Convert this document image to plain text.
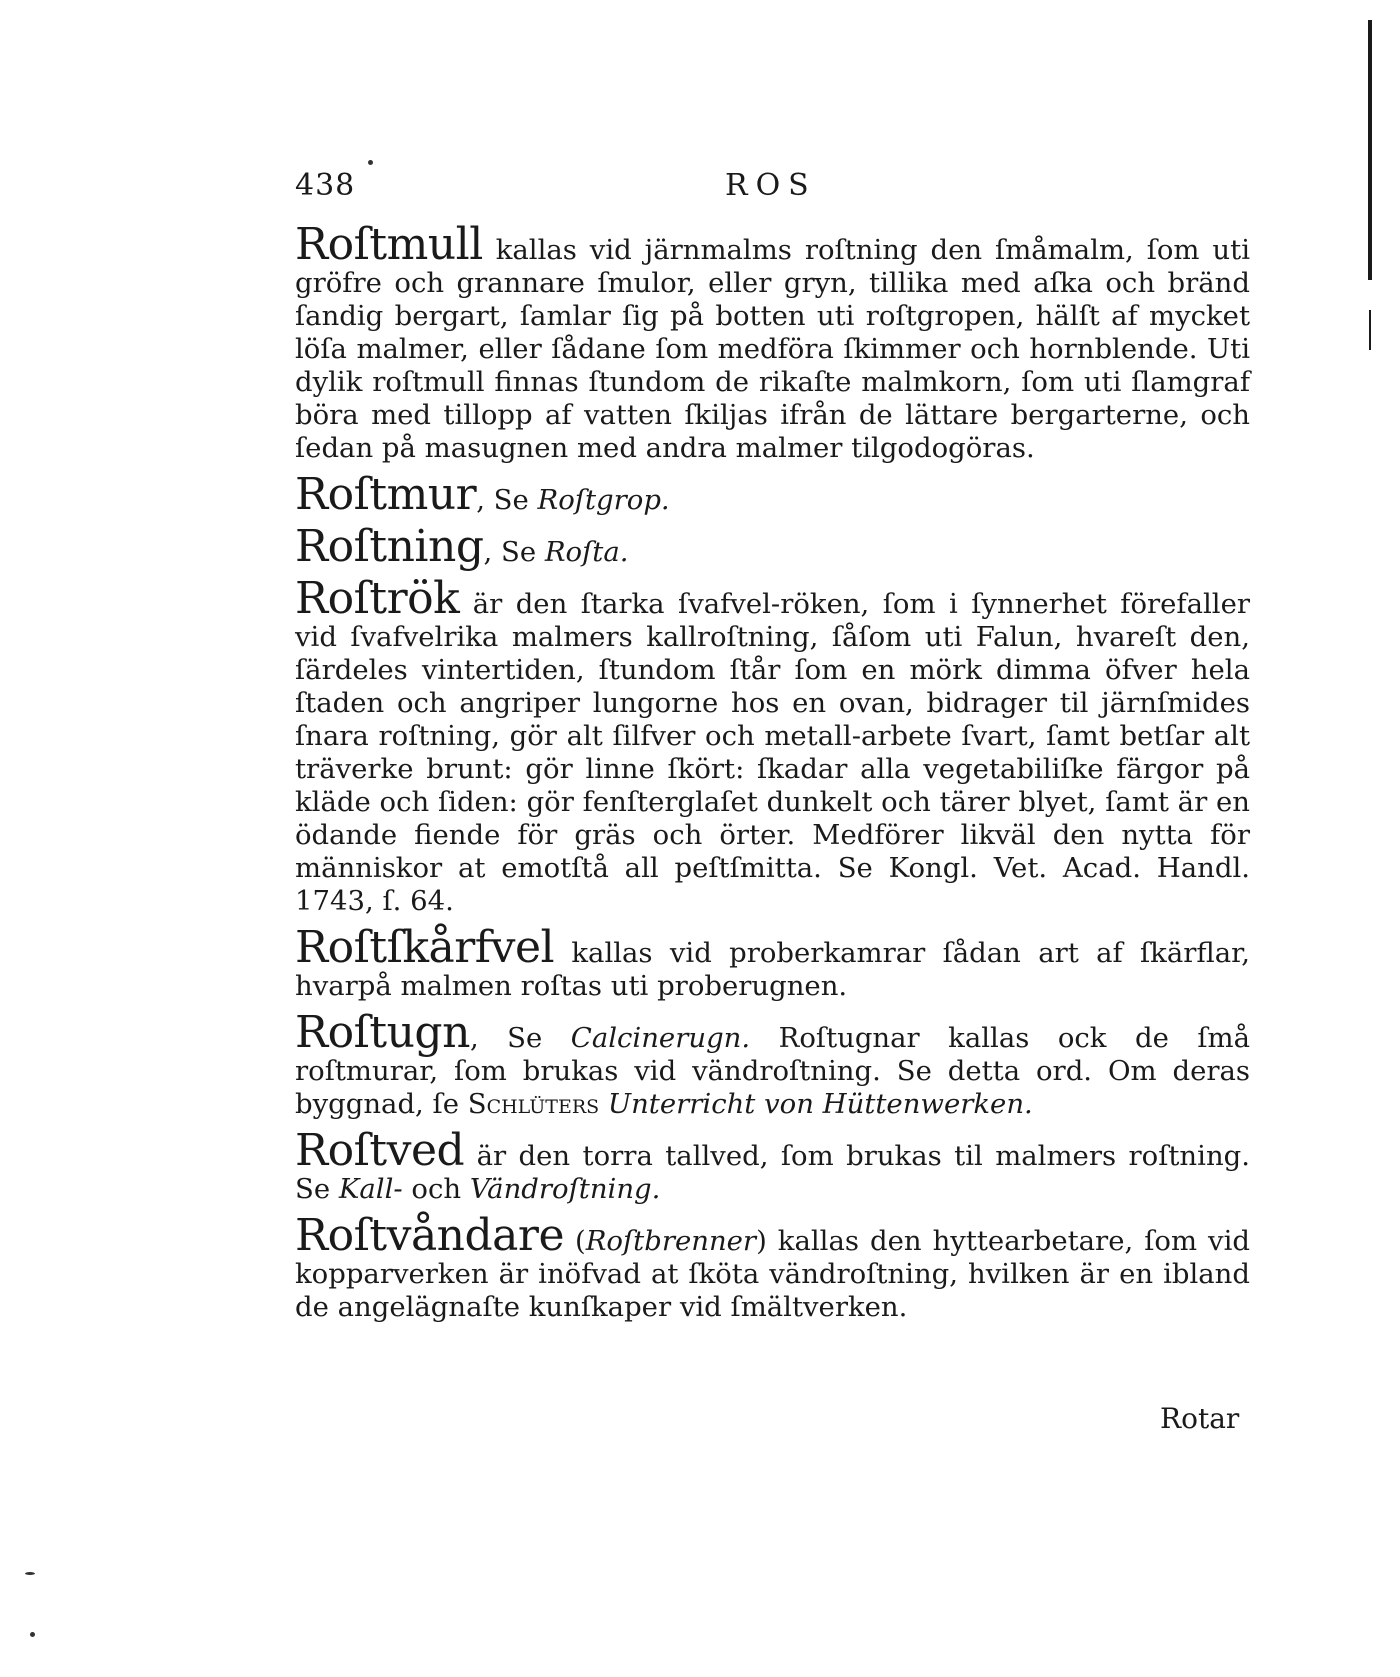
438	ROS

Roſtmull kallas vid järnmalms roſtning den ſmåmalm, ſom uti gröfre och grannare ſmulor, eller gryn, tillika med aſka och bränd ſandig bergart, ſamlar ſig på botten uti roſtgropen, hälſt af mycket löſa malmer, eller ſådane ſom medföra ſkimmer och hornblende. Uti dylik roſtmull finnas ſtundom de rikaſte malmkorn, ſom uti ſlamgraf böra med tillopp af vatten ſkiljas ifrån de lättare bergarterne, och ſedan på masugnen med andra malmer tilgodogöras.

Roſtmur, Se Roſtgrop.

Roſtning, Se Roſta.

Roſtrök är den ſtarka ſvafvel-röken, ſom i ſynnerhet förefaller vid ſvafvelrika malmers kallroſtning, ſåſom uti Falun, hvareſt den, ſärdeles vintertiden, ſtundom ſtår ſom en mörk dimma öfver hela ſtaden och angriper lungorne hos en ovan, bidrager til järnſmides ſnara roſtning, gör alt ſilfver och metall-arbete ſvart, ſamt betſar alt träverke brunt: gör linne ſkört: ſkadar alla vegetabiliſke färgor på kläde och ſiden: gör fenſterglaſet dunkelt och tärer blyet, ſamt är en ödande fiende för gräs och örter. Medförer likväl den nytta för människor at emotſtå all peſtſmitta. Se Kongl. Vet. Acad. Handl. 1743, ſ. 64.

Roſtſkårfvel kallas vid proberkamrar ſådan art af ſkärflar, hvarpå malmen roſtas uti proberugnen.

Roſtugn, Se Calcinerugn. Roſtugnar kallas ock de ſmå roſtmurar, ſom brukas vid vändroſtning. Se detta ord. Om deras byggnad, ſe Schlüters Unterricht von Hüttenwerken.

Roſtved är den torra tallved, ſom brukas til malmers roſtning. Se Kall- och Vändroſtning.

Roſtvåndare (Roſtbrenner) kallas den hyttearbetare, ſom vid kopparverken är inöfvad at ſköta vändroſtning, hvilken är en ibland de angelägnaſte kunſkaper vid ſmältverken.

Rotar
